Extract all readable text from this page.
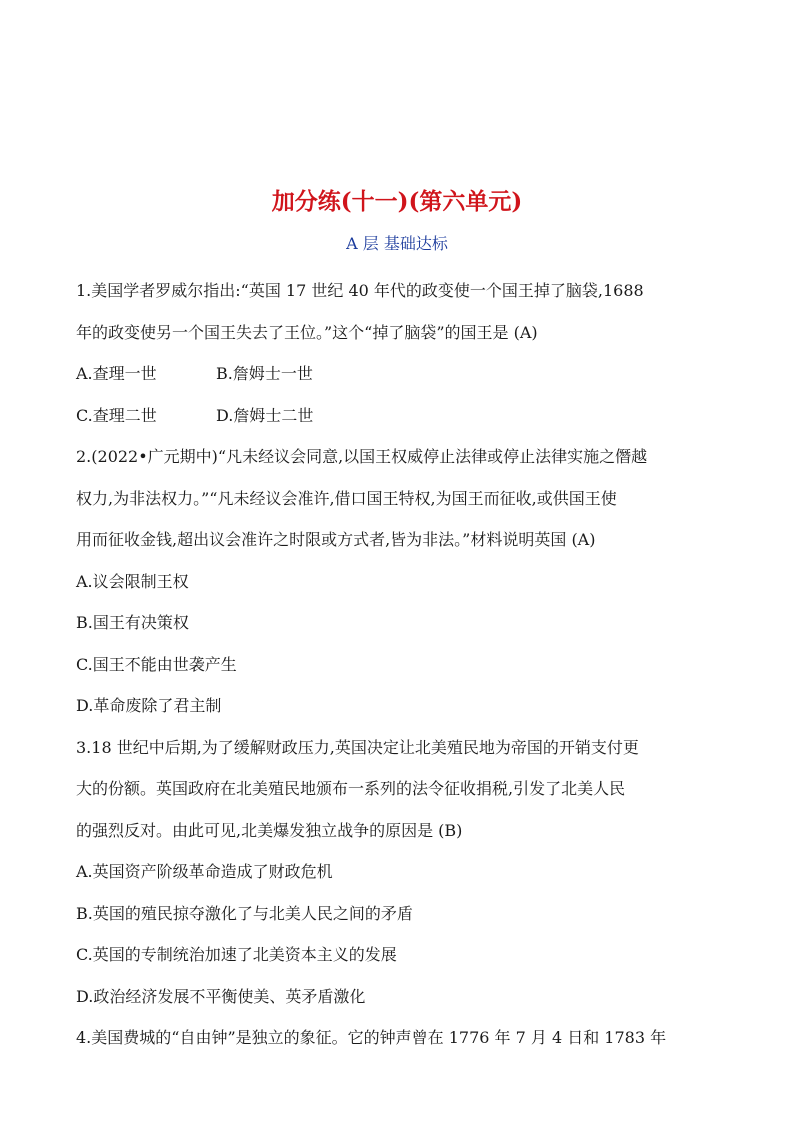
加分练(十一)(第六单元)
A 层 基础达标
1.美国学者罗威尔指出:“英国 17 世纪 40 年代的政变使一个国王掉了脑袋,1688
年的政变使另一个国王失去了王位。”这个“掉了脑袋”的国王是 (A)
A.查理一世	B.詹姆士一世
C.查理二世	D.詹姆士二世
2.(2022•广元期中)“凡未经议会同意,以国王权威停止法律或停止法律实施之僭越
权力,为非法权力。”“凡未经议会准许,借口国王特权,为国王而征收,或供国王使
用而征收金钱,超出议会准许之时限或方式者,皆为非法。”材料说明英国 (A)
A.议会限制王权
B.国王有决策权
C.国王不能由世袭产生
D.革命废除了君主制
3.18 世纪中后期,为了缓解财政压力,英国决定让北美殖民地为帝国的开销支付更
大的份额。英国政府在北美殖民地颁布一系列的法令征收捐税,引发了北美人民
的强烈反对。由此可见,北美爆发独立战争的原因是 (B)
A.英国资产阶级革命造成了财政危机
B.英国的殖民掠夺激化了与北美人民之间的矛盾
C.英国的专制统治加速了北美资本主义的发展
D.政治经济发展不平衡使美、英矛盾激化
4.美国费城的“自由钟”是独立的象征。它的钟声曾在 1776 年 7 月 4 日和 1783 年
